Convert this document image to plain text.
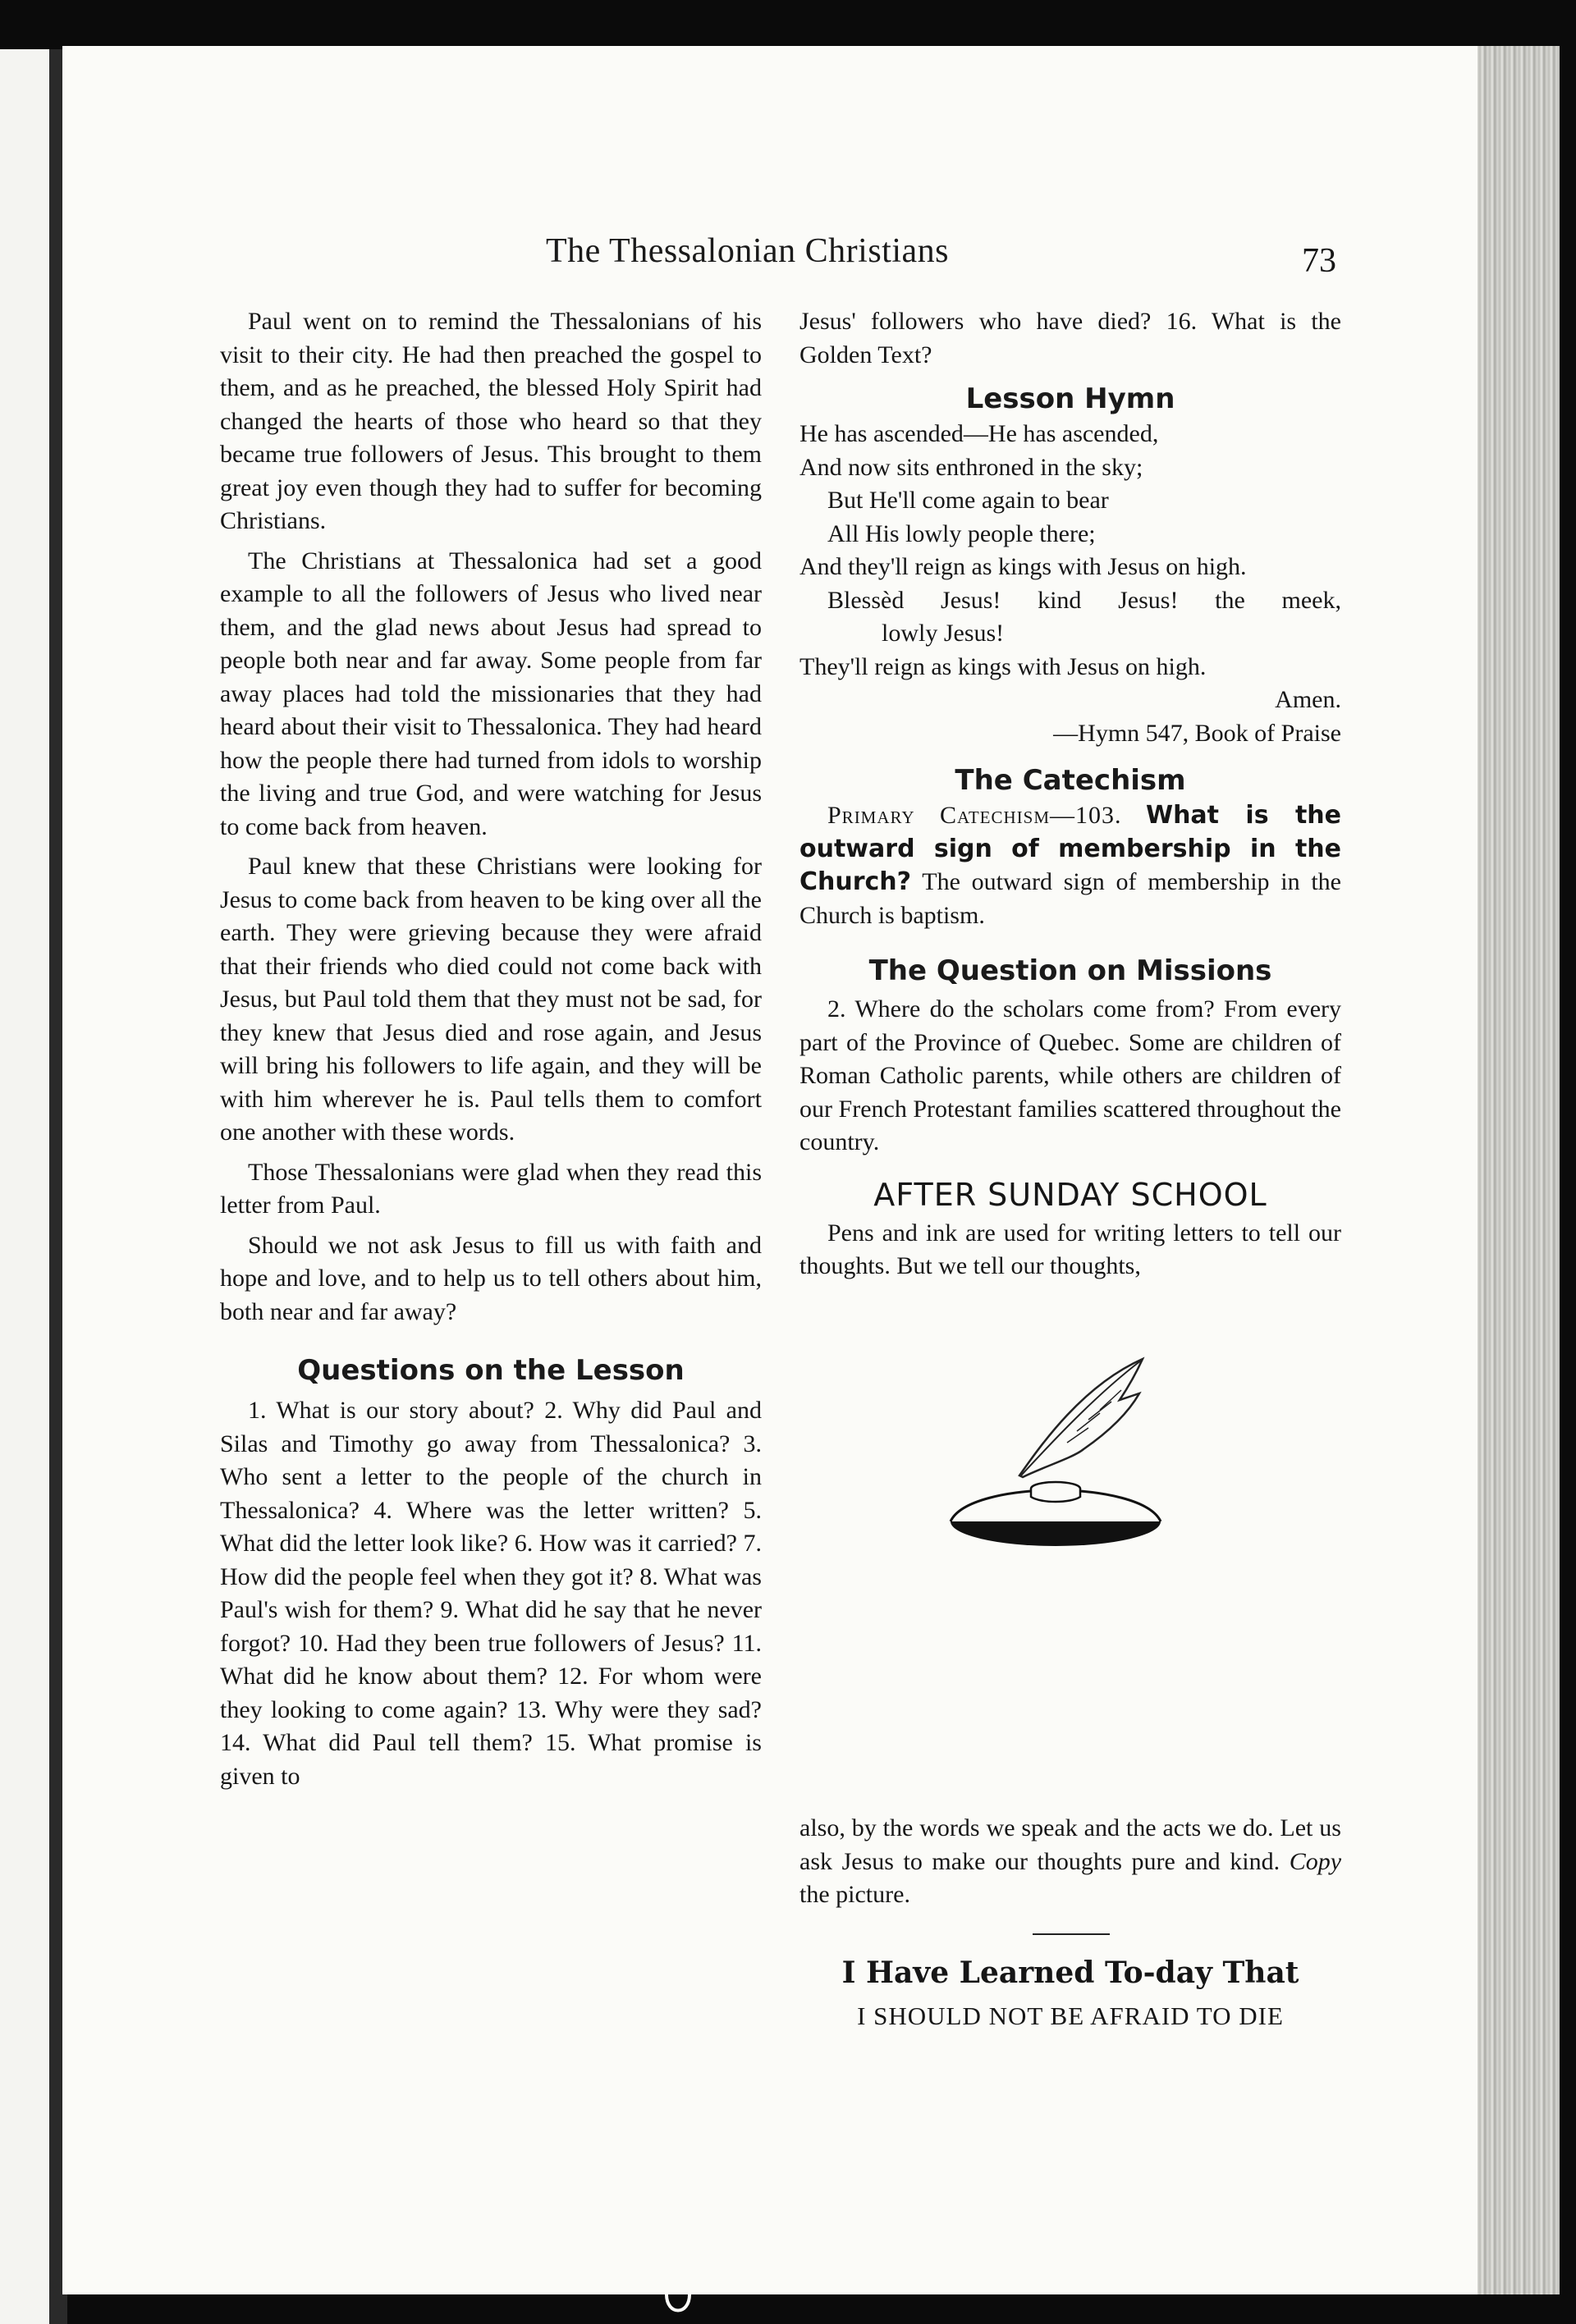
The Thessalonian Christians	73

Paul went on to remind the Thessalonians of his visit to their city. He had then preached the gospel to them, and as he preached, the blessed Holy Spirit had changed the hearts of those who heard so that they became true followers of Jesus. This brought to them great joy even though they had to suffer for becoming Christians.

The Christians at Thessalonica had set a good example to all the followers of Jesus who lived near them, and the glad news about Jesus had spread to people both near and far away. Some people from far away places had told the missionaries that they had heard about their visit to Thessalonica. They had heard how the people there had turned from idols to worship the living and true God, and were watching for Jesus to come back from heaven.

Paul knew that these Christians were looking for Jesus to come back from heaven to be king over all the earth. They were grieving because they were afraid that their friends who died could not come back with Jesus, but Paul told them that they must not be sad, for they knew that Jesus died and rose again, and Jesus will bring his followers to life again, and they will be with him wherever he is. Paul tells them to comfort one another with these words.

Those Thessalonians were glad when they read this letter from Paul.

Should we not ask Jesus to fill us with faith and hope and love, and to help us to tell others about him, both near and far away?

Questions on the Lesson

1. What is our story about? 2. Why did Paul and Silas and Timothy go away from Thessalonica? 3. Who sent a letter to the people of the church in Thessalonica? 4. Where was the letter written? 5. What did the letter look like? 6. How was it carried? 7. How did the people feel when they got it? 8. What was Paul's wish for them? 9. What did he say that he never forgot? 10. Had they been true followers of Jesus? 11. What did he know about them? 12. For whom were they looking to come again? 13. Why were they sad? 14. What did Paul tell them? 15. What promise is given to

Jesus' followers who have died? 16. What is the Golden Text?

Lesson Hymn

He has ascended—He has ascended,

And now sits enthroned in the sky;

But He'll come again to bear

All His lowly people there;

And they'll reign as kings with Jesus on high.

Blessèd Jesus! kind Jesus! the meek,

lowly Jesus!

They'll reign as kings with Jesus on high.

Amen.

—Hymn 547, Book of Praise

The Catechism

Primary Catechism—103. What is the outward sign of membership in the Church? The outward sign of membership in the Church is baptism.

The Question on Missions

2. Where do the scholars come from? From every part of the Province of Quebec. Some are children of Roman Catholic parents, while others are children of our French Protestant families scattered throughout the country.

AFTER SUNDAY SCHOOL

Pens and ink are used for writing letters to tell our thoughts. But we tell our thoughts,

also, by the words we speak and the acts we do. Let us ask Jesus to make our thoughts pure and kind. Copy the picture.

I Have Learned To-day That
I SHOULD NOT BE AFRAID TO DIE
